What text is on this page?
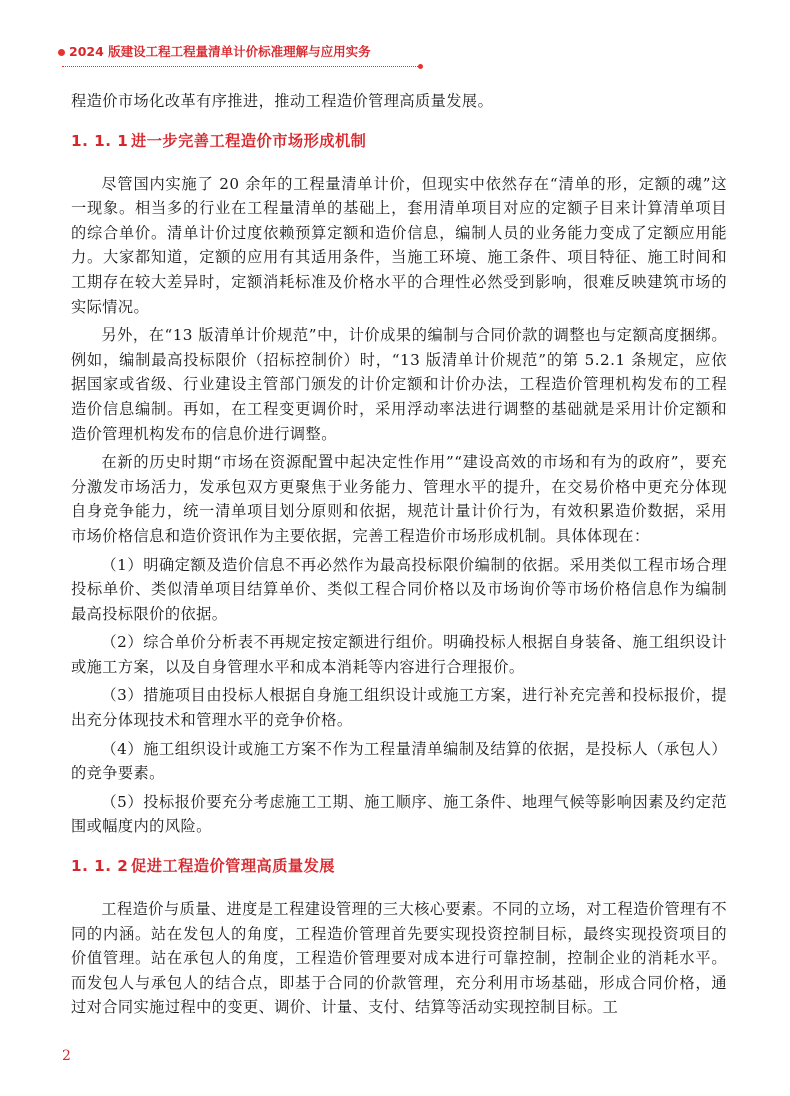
2024 版建设工程工程量清单计价标准理解与应用实务

程造价市场化改革有序推进，推动工程造价管理高质量发展。

1. 1. 1 进一步完善工程造价市场形成机制

尽管国内实施了 20 余年的工程量清单计价，但现实中依然存在“清单的形，定额的魂”这一现象。相当多的行业在工程量清单的基础上，套用清单项目对应的定额子目来计算清单项目的综合单价。清单计价过度依赖预算定额和造价信息，编制人员的业务能力变成了定额应用能力。大家都知道，定额的应用有其适用条件，当施工环境、施工条件、项目特征、施工时间和工期存在较大差异时，定额消耗标准及价格水平的合理性必然受到影响，很难反映建筑市场的实际情况。

另外，在“13 版清单计价规范”中，计价成果的编制与合同价款的调整也与定额高度捆绑。例如，编制最高投标限价（招标控制价）时，“13 版清单计价规范”的第 5.2.1 条规定，应依据国家或省级、行业建设主管部门颁发的计价定额和计价办法，工程造价管理机构发布的工程造价信息编制。再如，在工程变更调价时，采用浮动率法进行调整的基础就是采用计价定额和造价管理机构发布的信息价进行调整。

在新的历史时期“市场在资源配置中起决定性作用”“建设高效的市场和有为的政府”，要充分激发市场活力，发承包双方更聚焦于业务能力、管理水平的提升，在交易价格中更充分体现自身竞争能力，统一清单项目划分原则和依据，规范计量计价行为，有效积累造价数据，采用市场价格信息和造价资讯作为主要依据，完善工程造价市场形成机制。具体体现在：

（1）明确定额及造价信息不再必然作为最高投标限价编制的依据。采用类似工程市场合理投标单价、类似清单项目结算单价、类似工程合同价格以及市场询价等市场价格信息作为编制最高投标限价的依据。

（2）综合单价分析表不再规定按定额进行组价。明确投标人根据自身装备、施工组织设计或施工方案，以及自身管理水平和成本消耗等内容进行合理报价。

（3）措施项目由投标人根据自身施工组织设计或施工方案，进行补充完善和投标报价，提出充分体现技术和管理水平的竞争价格。

（4）施工组织设计或施工方案不作为工程量清单编制及结算的依据，是投标人（承包人）的竞争要素。

（5）投标报价要充分考虑施工工期、施工顺序、施工条件、地理气候等影响因素及约定范围或幅度内的风险。

1. 1. 2 促进工程造价管理高质量发展

工程造价与质量、进度是工程建设管理的三大核心要素。不同的立场，对工程造价管理有不同的内涵。站在发包人的角度，工程造价管理首先要实现投资控制目标，最终实现投资项目的价值管理。站在承包人的角度，工程造价管理要对成本进行可靠控制，控制企业的消耗水平。而发包人与承包人的结合点，即基于合同的价款管理，充分利用市场基础，形成合同价格，通过对合同实施过程中的变更、调价、计量、支付、结算等活动实现控制目标。工

2
